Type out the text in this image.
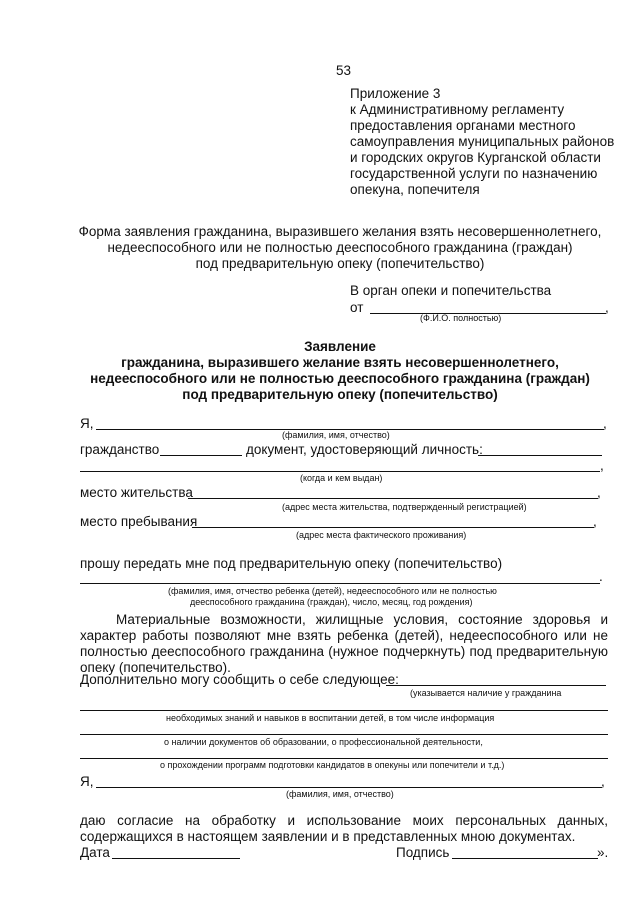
53
Приложение 3
к Административному регламенту
предоставления органами местного
самоуправления муниципальных районов
и городских округов Курганской области
государственной услуги по назначению
опекуна, попечителя
Форма заявления гражданина, выразившего желания взять несовершеннолетнего,
недееспособного или не полностью дееспособного гражданина (граждан)
под предварительную опеку (попечительство)
В орган опеки и попечительства
от	,
(Ф.И.О. полностью)
Заявление
гражданина, выразившего желание взять несовершеннолетнего,
недееспособного или не полностью дееспособного гражданина (граждан)
под предварительную опеку (попечительство)
Я,	,
(фамилия, имя, отчество)
гражданство	документ, удостоверяющий личность:
,
(когда и кем выдан)
место жительства	,
(адрес места жительства, подтвержденный регистрацией)
место пребывания	,
(адрес места фактического проживания)
прошу передать мне под предварительную опеку (попечительство)
.
(фамилия, имя, отчество ребенка (детей), недееспособного или не полностью
дееспособного гражданина (граждан), число, месяц, год рождения)
Материальные возможности, жилищные условия, состояние здоровья и характер работы позволяют мне взять ребенка (детей), недееспособного или не полностью дееспособного гражданина (нужное подчеркнуть) под предварительную опеку (попечительство).
Дополнительно могу сообщить о себе следующее:
(указывается наличие у гражданина
необходимых знаний и навыков в воспитании детей, в том числе информация
о наличии документов об образовании, о профессиональной деятельности,
о прохождении программ подготовки кандидатов в опекуны или попечители и т.д.)
Я,	,
(фамилия, имя, отчество)
даю согласие на обработку и использование моих персональных данных,
содержащихся в настоящем заявлении и в представленных мною документах.
Дата	Подпись	».
